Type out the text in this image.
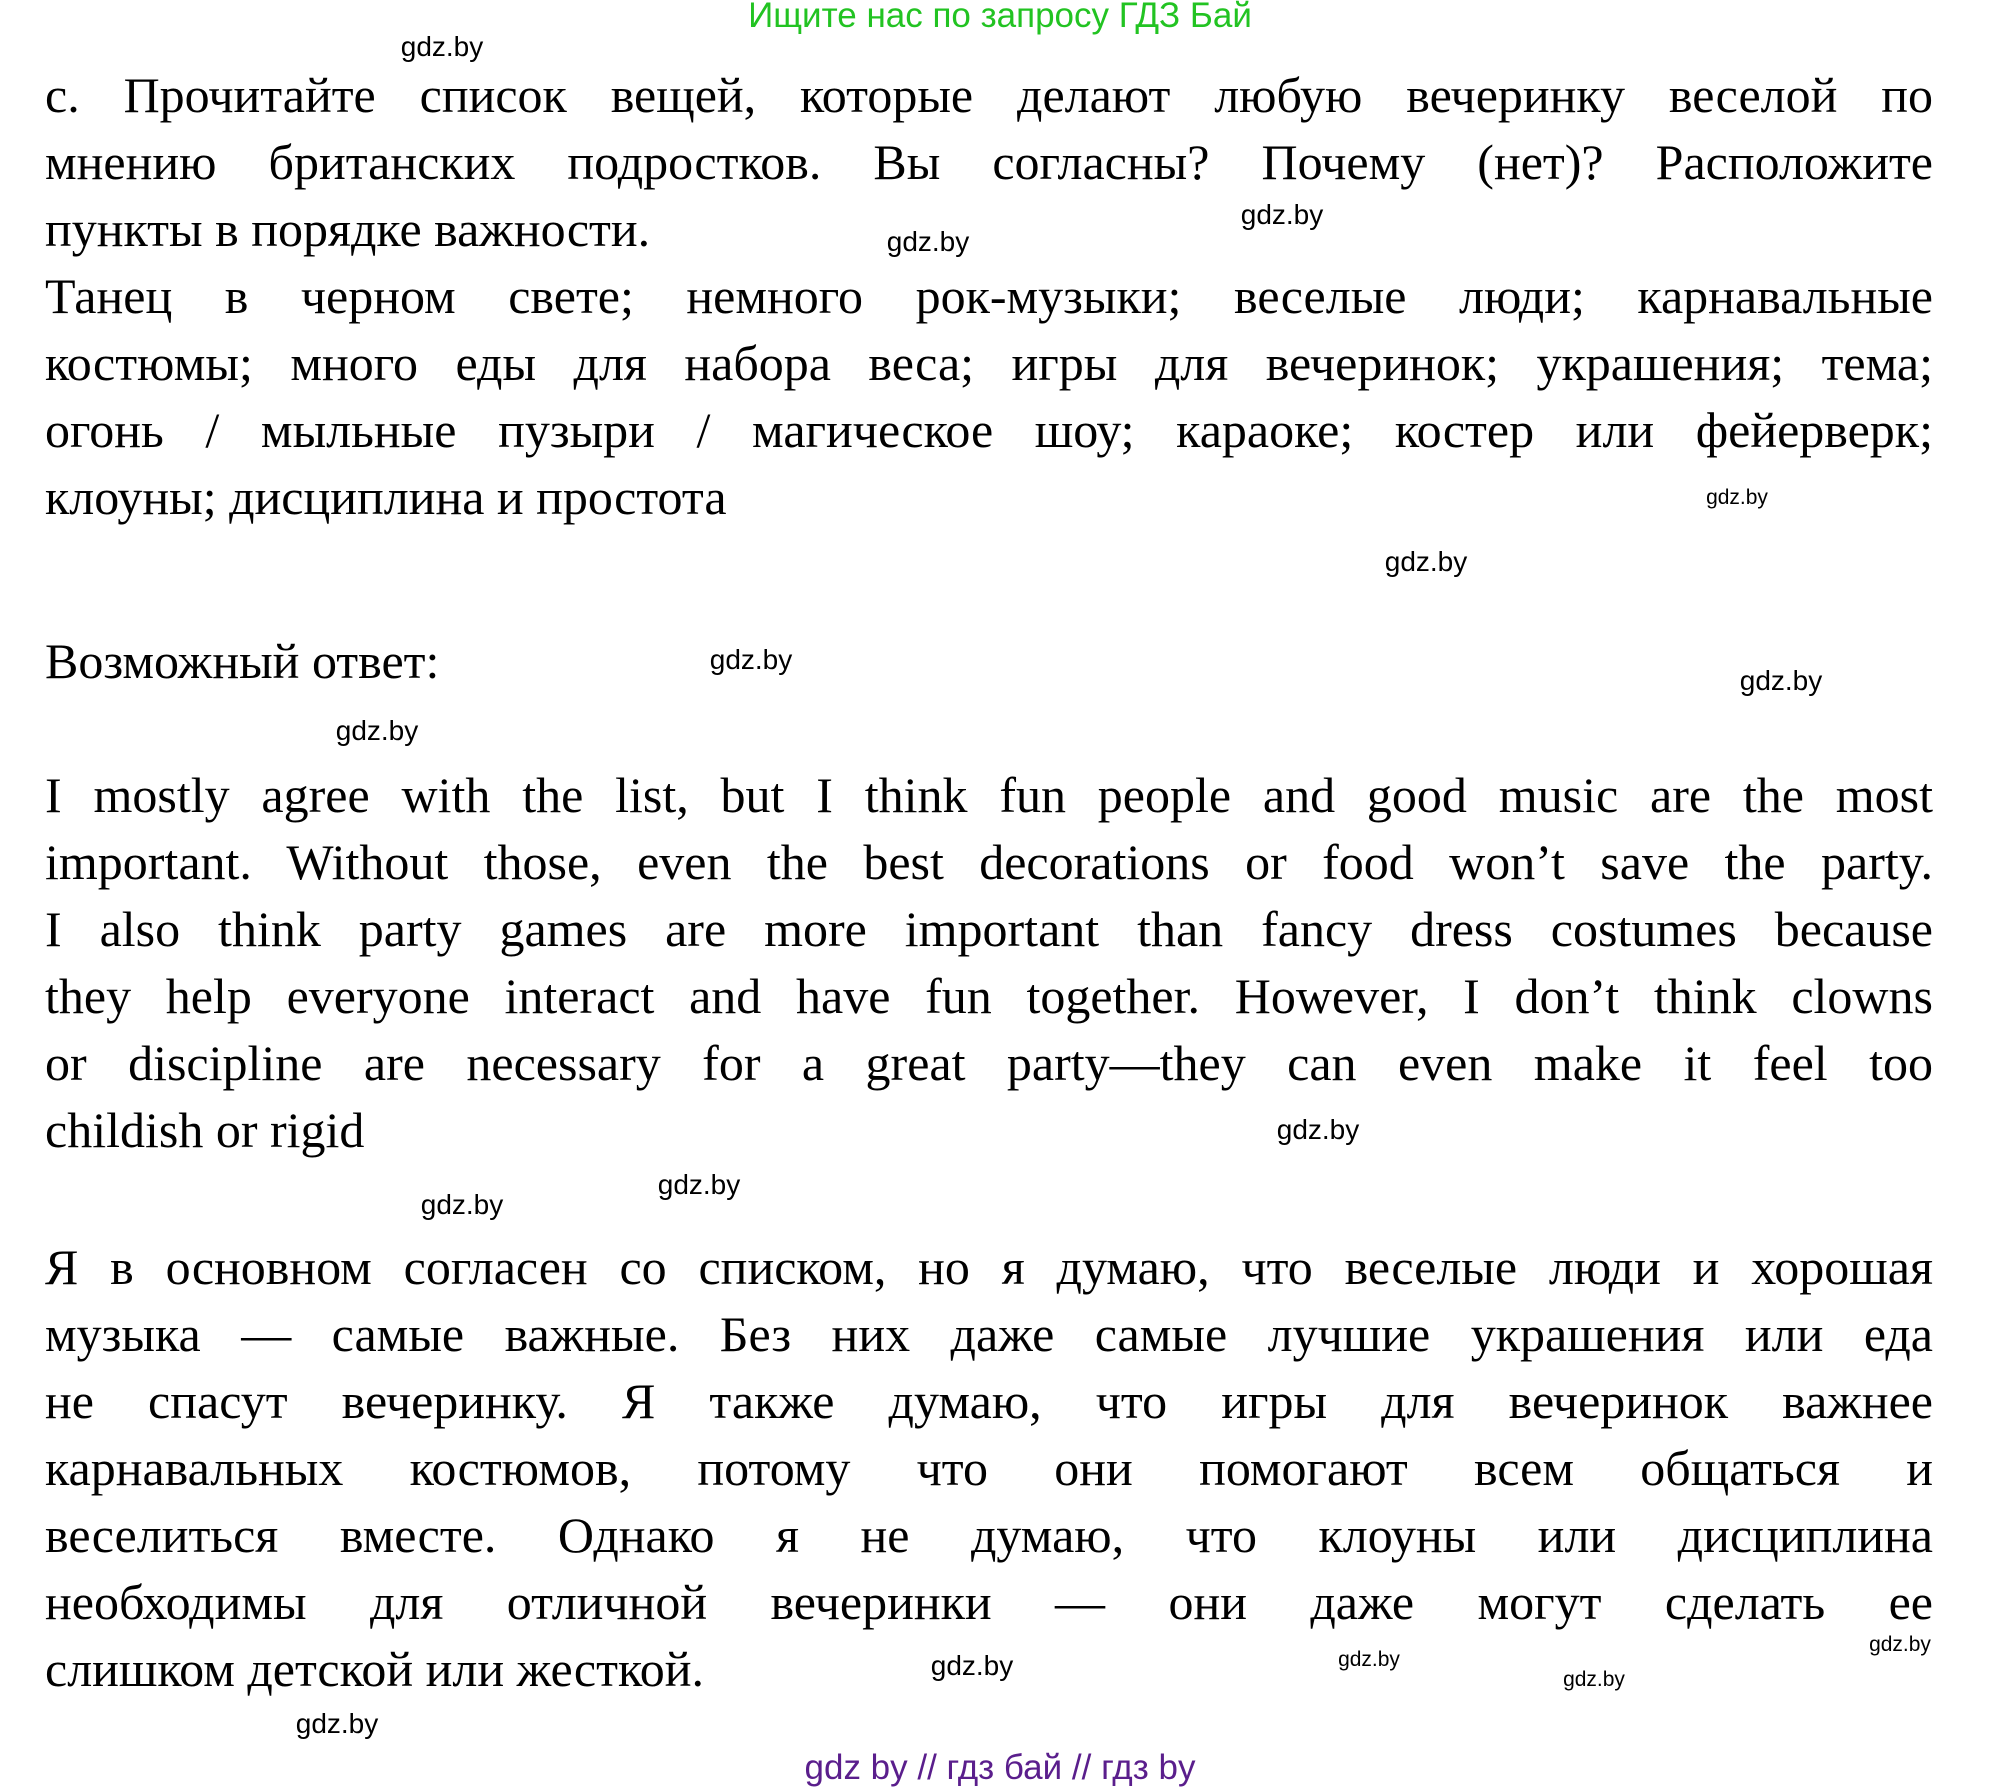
Ищите нас по запросу ГДЗ Бай
с. Прочитайте список вещей, которые делают любую вечеринку веселой по
мнению британских подростков. Вы согласны? Почему (нет)? Расположите
пункты в порядке важности.
Танец в черном свете; немного рок-музыки; веселые люди; карнавальные
костюмы; много еды для набора веса; игры для вечеринок; украшения; тема;
огонь / мыльные пузыри / магическое шоу; караоке; костер или фейерверк;
клоуны; дисциплина и простота
Возможный ответ:
I mostly agree with the list, but I think fun people and good music are the most
important. Without those, even the best decorations or food won’t save the party.
I also think party games are more important than fancy dress costumes because
they help everyone interact and have fun together. However, I don’t think clowns
or discipline are necessary for a great party—they can even make it feel too
childish or rigid
Я в основном согласен со списком, но я думаю, что веселые люди и хорошая
музыка — самые важные. Без них даже самые лучшие украшения или еда
не спасут вечеринку. Я также думаю, что игры для вечеринок важнее
карнавальных костюмов, потому что они помогают всем общаться и
веселиться вместе. Однако я не думаю, что клоуны или дисциплина
необходимы для отличной вечеринки — они даже могут сделать ее
слишком детской или жесткой.
gdz.by
gdz.by
gdz.by
gdz.by
gdz.by
gdz.by
gdz.by
gdz.by
gdz.by
gdz.by
gdz.by
gdz.by
gdz.by
gdz.by
gdz.by
gdz.by
gdz by // гдз бай // гдз by
